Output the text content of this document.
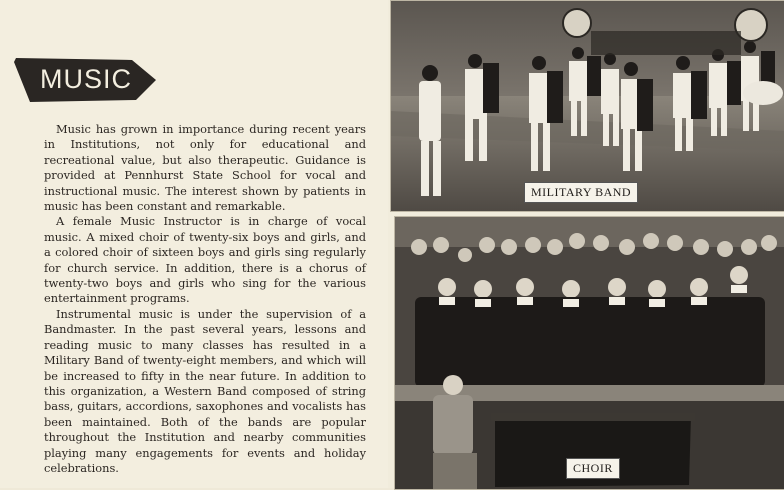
MUSIC

Music has grown in importance during recent years in Institutions, not only for educational and recreational value, but also therapeutic. Guidance is provided at Pennhurst State School for vocal and instructional music. The interest shown by patients in music has been constant and remarkable.

A female Music Instructor is in charge of vocal music. A mixed choir of twenty-six boys and girls, and a colored choir of sixteen boys and girls sing regularly for church service. In addition, there is a chorus of twenty-two boys and girls who sing for the various entertainment programs.

Instrumental music is under the supervision of a Bandmaster. In the past several years, lessons and reading music to many classes has resulted in a Military Band of twenty-eight members, and which will be increased to fifty in the near future. In addition to this organization, a Western Band composed of string bass, guitars, accordions, saxophones and vocalists has been maintained. Both of the bands are popular throughout the Institution and nearby communities playing many engagements for events and holiday celebrations.

MILITARY BAND
CHOIR
